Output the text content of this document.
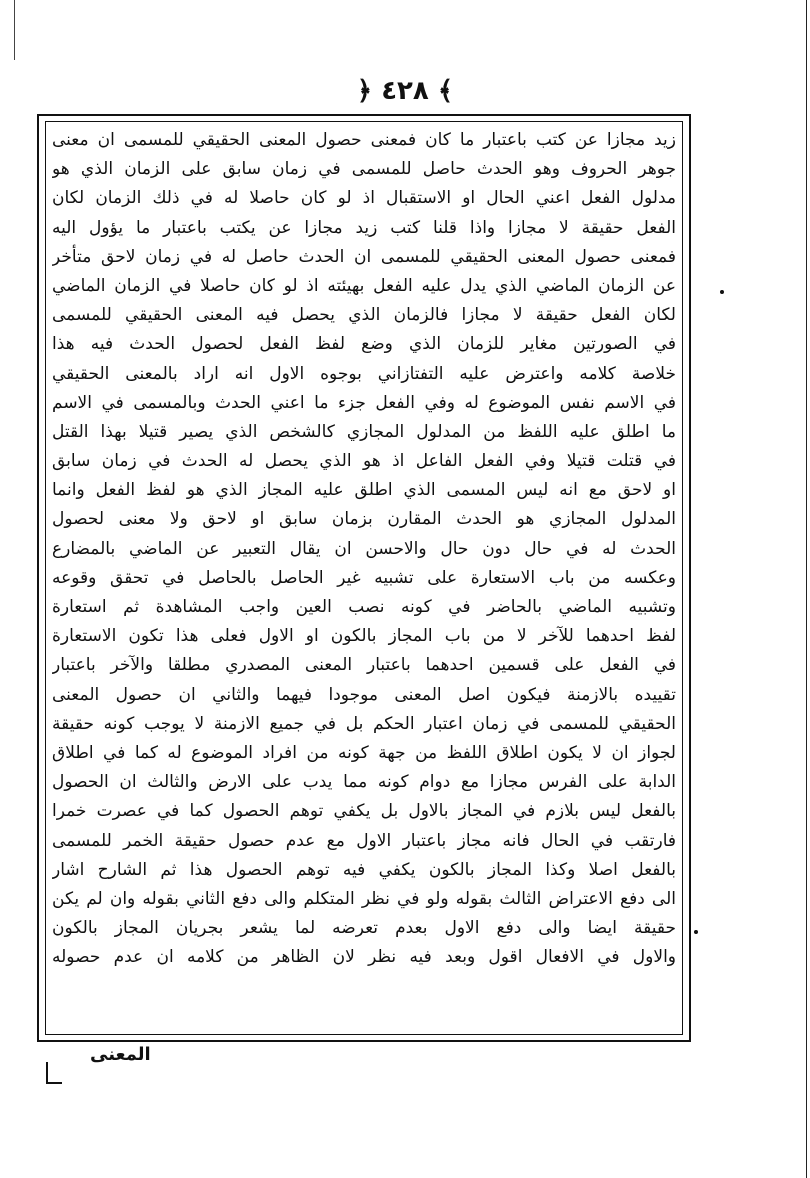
﴿ ٤٢٨ ﴾
زيد مجازا عن كتب باعتبار ما كان فمعنى حصول المعنى الحقيقي للمسمى ان معنى
جوهر الحروف وهو الحدث حاصل للمسمى في زمان سابق على الزمان الذي هو
مدلول الفعل اعني الحال او الاستقبال اذ لو كان حاصلا له في ذلك الزمان لكان
الفعل حقيقة لا مجازا واذا قلنا كتب زيد مجازا عن يكتب باعتبار ما يؤول اليه
فمعنى حصول المعنى الحقيقي للمسمى ان الحدث حاصل له في زمان لاحق متأخر
عن الزمان الماضي الذي يدل عليه الفعل بهيئته اذ لو كان حاصلا في الزمان الماضي
لكان الفعل حقيقة لا مجازا فالزمان الذي يحصل فيه المعنى الحقيقي للمسمى
في الصورتين مغاير للزمان الذي وضع لفظ الفعل لحصول الحدث فيه هذا
خلاصة كلامه واعترض عليه التفتازاني بوجوه الاول انه اراد بالمعنى الحقيقي
في الاسم نفس الموضوع له وفي الفعل جزء ما اعني الحدث وبالمسمى في الاسم
ما اطلق عليه اللفظ من المدلول المجازي كالشخص الذي يصير قتيلا بهذا القتل
في قتلت قتيلا وفي الفعل الفاعل اذ هو الذي يحصل له الحدث في زمان سابق
او لاحق مع انه ليس المسمى الذي اطلق عليه المجاز الذي هو لفظ الفعل وانما
المدلول المجازي هو الحدث المقارن بزمان سابق او لاحق ولا معنى لحصول
الحدث له في حال دون حال والاحسن ان يقال التعبير عن الماضي بالمضارع
وعكسه من باب الاستعارة على تشبيه غير الحاصل بالحاصل في تحقق وقوعه
وتشبيه الماضي بالحاضر في كونه نصب العين واجب المشاهدة ثم استعارة
لفظ احدهما للآخر لا من باب المجاز بالكون او الاول فعلى هذا تكون الاستعارة
في الفعل على قسمين احدهما باعتبار المعنى المصدري مطلقا والآخر باعتبار
تقييده بالازمنة فيكون اصل المعنى موجودا فيهما والثاني ان حصول المعنى
الحقيقي للمسمى في زمان اعتبار الحكم بل في جميع الازمنة لا يوجب كونه حقيقة
لجواز ان لا يكون اطلاق اللفظ من جهة كونه من افراد الموضوع له كما في اطلاق
الدابة على الفرس مجازا مع دوام كونه مما يدب على الارض والثالث ان الحصول
بالفعل ليس بلازم في المجاز بالاول بل يكفي توهم الحصول كما في عصرت خمرا
فارتقب في الحال فانه مجاز باعتبار الاول مع عدم حصول حقيقة الخمر للمسمى
بالفعل اصلا وكذا المجاز بالكون يكفي فيه توهم الحصول هذا ثم الشارح اشار
الى دفع الاعتراض الثالث بقوله ولو في نظر المتكلم والى دفع الثاني بقوله وان لم يكن
حقيقة ايضا والى دفع الاول بعدم تعرضه لما يشعر بجريان المجاز بالكون
والاول في الافعال اقول وبعد فيه نظر لان الظاهر من كلامه ان عدم حصوله
المعنى
